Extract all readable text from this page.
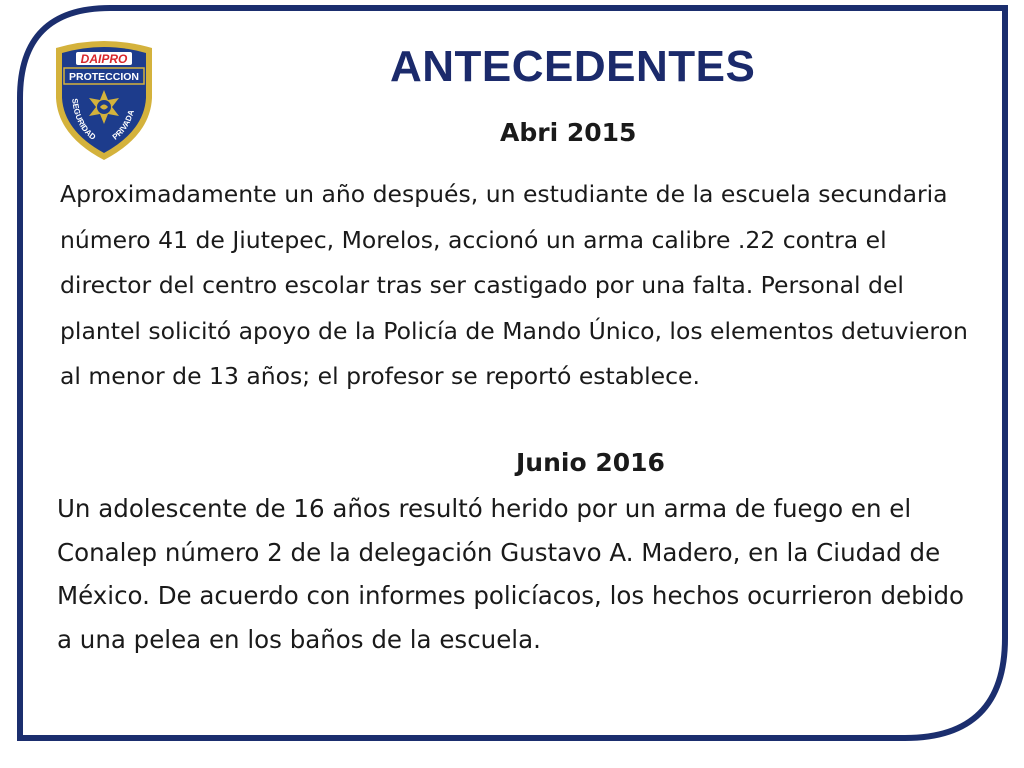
DAIPRO
PROTECCION
SEGURIDAD PRIVADA
ANTECEDENTES
Abri 2015

Aproximadamente un año después, un estudiante de la escuela secundaria número 41 de Jiutepec, Morelos, accionó un arma calibre .22 contra el director del centro escolar tras ser castigado por una falta. Personal del plantel solicitó apoyo de la Policía de Mando Único, los elementos detuvieron al menor de 13 años; el profesor se reportó establece.

Junio 2016

Un adolescente de 16 años resultó herido por un arma de fuego en el Conalep número 2 de la delegación Gustavo A. Madero, en la Ciudad de México. De acuerdo con informes policíacos, los hechos ocurrieron debido a una pelea en los baños de la escuela.
